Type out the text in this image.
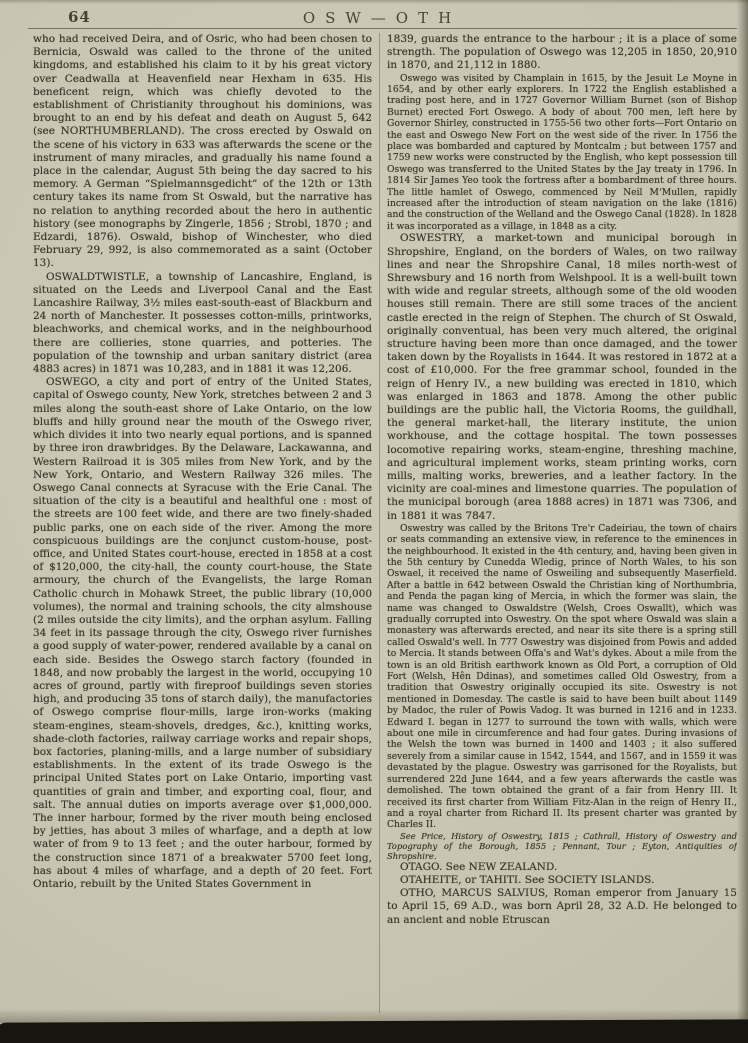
64	OSW—OTH

who had received Deira, and of Osric, who had been chosen to Bernicia, Oswald was called to the throne of the united kingdoms, and established his claim to it by his great victory over Ceadwalla at Heavenfield near Hexham in 635. His beneficent reign, which was chiefly devoted to the establishment of Christianity throughout his dominions, was brought to an end by his defeat and death on August 5, 642 (see NORTHUMBERLAND). The cross erected by Oswald on the scene of his victory in 633 was afterwards the scene or the instrument of many miracles, and gradually his name found a place in the calendar, August 5th being the day sacred to his memory. A German “Spielmannsgedicht” of the 12th or 13th century takes its name from St Oswald, but the narrative has no relation to anything recorded about the hero in authentic history (see monographs by Zingerle, 1856 ; Strobl, 1870 ; and Edzardi, 1876). Oswald, bishop of Winchester, who died February 29, 992, is also commemorated as a saint (October 13).

OSWALDTWISTLE, a township of Lancashire, England, is situated on the Leeds and Liverpool Canal and the East Lancashire Railway, 3½ miles east-south-east of Blackburn and 24 north of Manchester. It possesses cotton-mills, printworks, bleachworks, and chemical works, and in the neighbourhood there are collieries, stone quarries, and potteries. The population of the township and urban sanitary district (area 4883 acres) in 1871 was 10,283, and in 1881 it was 12,206.

OSWEGO, a city and port of entry of the United States, capital of Oswego county, New York, stretches between 2 and 3 miles along the south-east shore of Lake Ontario, on the low bluffs and hilly ground near the mouth of the Oswego river, which divides it into two nearly equal portions, and is spanned by three iron drawbridges. By the Delaware, Lackawanna, and Western Railroad it is 305 miles from New York, and by the New York, Ontario, and Western Railway 326 miles. The Oswego Canal connects at Syracuse with the Erie Canal. The situation of the city is a beautiful and healthful one : most of the streets are 100 feet wide, and there are two finely-shaded public parks, one on each side of the river. Among the more conspicuous buildings are the conjunct custom-house, post-office, and United States court-house, erected in 1858 at a cost of $120,000, the city-hall, the county court-house, the State armoury, the church of the Evangelists, the large Roman Catholic church in Mohawk Street, the public library (10,000 volumes), the normal and training schools, the city almshouse (2 miles outside the city limits), and the orphan asylum. Falling 34 feet in its passage through the city, Oswego river furnishes a good supply of water-power, rendered available by a canal on each side. Besides the Oswego starch factory (founded in 1848, and now probably the largest in the world, occupying 10 acres of ground, partly with fireproof buildings seven stories high, and producing 35 tons of starch daily), the manufactories of Oswego comprise flour-mills, large iron-works (making steam-engines, steam-shovels, dredges, &c.), knitting works, shade-cloth factories, railway carriage works and repair shops, box factories, planing-mills, and a large number of subsidiary establishments. In the extent of its trade Oswego is the principal United States port on Lake Ontario, importing vast quantities of grain and timber, and exporting coal, flour, and salt. The annual duties on imports average over $1,000,000. The inner harbour, formed by the river mouth being enclosed by jetties, has about 3 miles of wharfage, and a depth at low water of from 9 to 13 feet ; and the outer harbour, formed by the construction since 1871 of a breakwater 5700 feet long, has about 4 miles of wharfage, and a depth of 20 feet. Fort Ontario, rebuilt by the United States Government in

1839, guards the entrance to the harbour ; it is a place of some strength. The population of Oswego was 12,205 in 1850, 20,910 in 1870, and 21,112 in 1880.

Oswego was visited by Champlain in 1615, by the Jesuit Le Moyne in 1654, and by other early explorers. In 1722 the English established a trading post here, and in 1727 Governor William Burnet (son of Bishop Burnet) erected Fort Oswego. A body of about 700 men, left here by Governor Shirley, constructed in 1755-56 two other forts—Fort Ontario on the east and Oswego New Fort on the west side of the river. In 1756 the place was bombarded and captured by Montcalm ; but between 1757 and 1759 new works were constructed by the English, who kept possession till Oswego was transferred to the United States by the Jay treaty in 1796. In 1814 Sir James Yeo took the fortress after a bombardment of three hours. The little hamlet of Oswego, commenced by Neil M‘Mullen, rapidly increased after the introduction of steam navigation on the lake (1816) and the construction of the Welland and the Oswego Canal (1828). In 1828 it was incorporated as a village, in 1848 as a city.

OSWESTRY, a market-town and municipal borough in Shropshire, England, on the borders of Wales, on two railway lines and near the Shropshire Canal, 18 miles north-west of Shrewsbury and 16 north from Welshpool. It is a well-built town with wide and regular streets, although some of the old wooden houses still remain. There are still some traces of the ancient castle erected in the reign of Stephen. The church of St Oswald, originally conventual, has been very much altered, the original structure having been more than once damaged, and the tower taken down by the Royalists in 1644. It was restored in 1872 at a cost of £10,000. For the free grammar school, founded in the reign of Henry IV., a new building was erected in 1810, which was enlarged in 1863 and 1878. Among the other public buildings are the public hall, the Victoria Rooms, the guildhall, the general market-hall, the literary institute, the union workhouse, and the cottage hospital. The town possesses locomotive repairing works, steam-engine, threshing machine, and agricultural implement works, steam printing works, corn mills, malting works, breweries, and a leather factory. In the vicinity are coal-mines and limestone quarries. The population of the municipal borough (area 1888 acres) in 1871 was 7306, and in 1881 it was 7847.

Oswestry was called by the Britons Tre'r Cadeiriau, the town of chairs or seats commanding an extensive view, in reference to the eminences in the neighbourhood. It existed in the 4th century, and, having been given in the 5th century by Cunedda Wledig, prince of North Wales, to his son Oswael, it received the name of Osweiling and subsequently Maserfield. After a battle in 642 between Oswald the Christian king of Northumbria, and Penda the pagan king of Mercia, in which the former was slain, the name was changed to Oswaldstre (Welsh, Croes Oswallt), which was gradually corrupted into Oswestry. On the spot where Oswald was slain a monastery was afterwards erected, and near its site there is a spring still called Oswald's well. In 777 Oswestry was disjoined from Powis and added to Mercia. It stands between Offa's and Wat's dykes. About a mile from the town is an old British earthwork known as Old Port, a corruption of Old Fort (Welsh, Hên Ddinas), and sometimes called Old Oswestry, from a tradition that Oswestry originally occupied its site. Oswestry is not mentioned in Domesday. The castle is said to have been built about 1149 by Madoc, the ruler of Powis Vadog. It was burned in 1216 and in 1233. Edward I. began in 1277 to surround the town with walls, which were about one mile in circumference and had four gates. During invasions of the Welsh the town was burned in 1400 and 1403 ; it also suffered severely from a similar cause in 1542, 1544, and 1567, and in 1559 it was devastated by the plague. Oswestry was garrisoned for the Royalists, but surrendered 22d June 1644, and a few years afterwards the castle was demolished. The town obtained the grant of a fair from Henry III. It received its first charter from William Fitz-Alan in the reign of Henry II., and a royal charter from Richard II. Its present charter was granted by Charles II.

See Price, History of Oswestry, 1815 ; Cathrall, History of Oswestry and Topography of the Borough, 1855 ; Pennant, Tour ; Eyton, Antiquities of Shropshire.

OTAGO. See NEW ZEALAND.

OTAHEITE, or TAHITI. See SOCIETY ISLANDS.

OTHO, MARCUS SALVIUS, Roman emperor from January 15 to April 15, 69 A.D., was born April 28, 32 A.D. He belonged to an ancient and noble Etruscan
